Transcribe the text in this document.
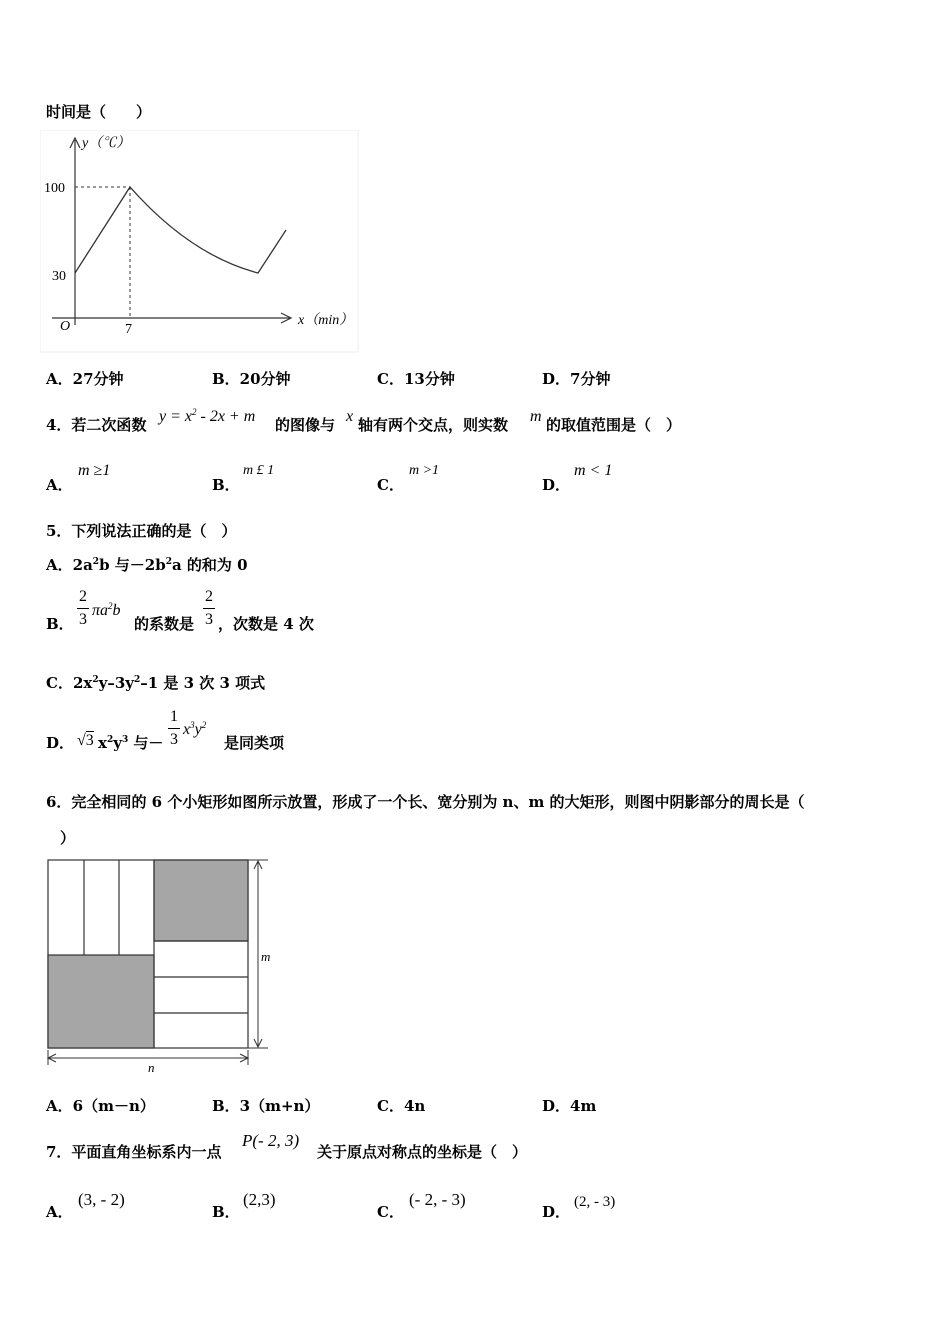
时间是（　　）
y（℃）
100
30
O	7
x（min）
A．27分钟	B．20分钟	C．13分钟	D．7分钟
4．若二次函数 $y = x^2 - 2x + m$ 的图像与 x 轴有两个交点，则实数 m 的取值范围是（　）
A．
m ≥1
B．
m £ 1
C．
m >1
D．
m < 1
5．下列说法正确的是（　）
A．$2a^2b$ 与$-2b^2a$ 的和为 0
B．
2
3
$\pi a^2b$
的系数是
2
3 ，次数是 4 次
C．$2x^2y-3y^2-1$ 是 3 次 3 项式
D． √3 $x^2y^3$ 与－
1
3
$x^3y^2$
是同类项
6．完全相同的 6 个小矩形如图所示放置，形成了一个长、宽分别为 n、m 的大矩形，则图中阴影部分的周长是（
）
m
n
A．6（m－n）	B．3（m+n）	C．4n	D．4m
7．平面直角坐标系内一点
P(- 2, 3)
关于原点对称点的坐标是（　）
A．
(3, - 2)
B．
(2,3)
C．
(- 2, - 3)
D．
(2, - 3)
